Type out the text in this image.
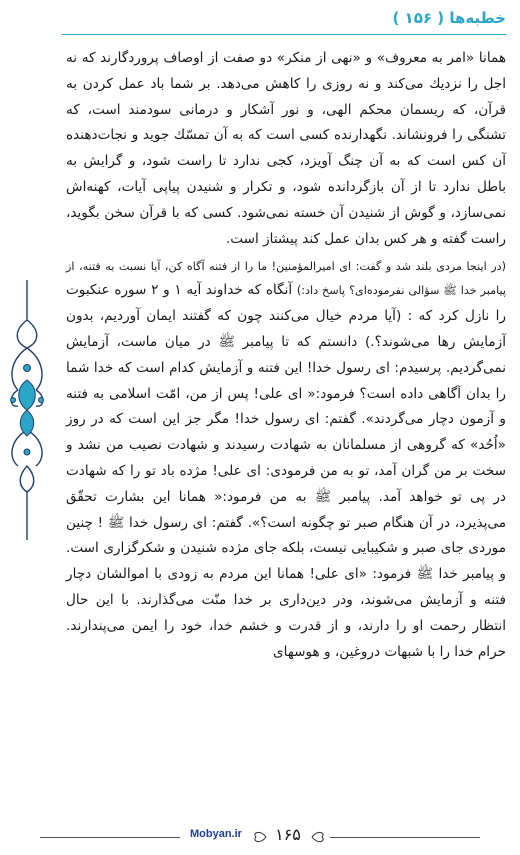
خطبه‌ها ( ۱۵۶ )

همانا «امر به معروف» و «نهى از منكر» دو صفت از اوصاف پروردگارند كه نه اجل را نزديك مى‌كند و نه روزى را كاهش مى‌دهد. بر شما باد عمل كردن به قرآن، كه ريسمان محكم الهى، و نور آشكار و درمانى سودمند است، كه تشنگى را فرونشاند. نگهدارنده كسى است كه به آن تمسّك جويد و نجات‌دهنده آن كس است كه به آن چنگ آويزد، كجى ندارد تا راست شود، و گرايش به باطل ندارد تا از آن بازگردانده شود، و تكرار و شنيدن پياپى آيات، كهنه‌اش نمى‌سازد، و گوش از شنيدن آن خسته نمى‌شود. كسى كه با قرآن سخن بگويد، راست گفته و هر كس بدان عمل كند پيشتاز است.

(در اينجا مردى بلند شد و گفت: اى اميرالمؤمنين! ما را از فتنه آگاه كن، آيا نسبت به فتنه، از پيامبر خدا ﷺ سؤالى نفرموده‌اى؟ پاسخ داد:) آنگاه كه خداوند آيه ۱ و ۲ سوره عنكبوت را نازل كرد كه : (آيا مردم خيال مى‌كنند چون كه گفتند ايمان آورديم، بدون آزمايش رها مى‌شوند؟.) دانستم كه تا پيامبر ﷺ در ميان ماست، آزمايش نمى‌گرديم. پرسيدم: اى رسول خدا! اين فتنه و آزمايش كدام است كه خدا شما را بدان آگاهى داده است؟ فرمود:« اى على! پس از من، امّت اسلامى به فتنه و آزمون دچار مى‌گردند». گفتم: اى رسول خدا! مگر جز اين است كه در روز «اُحُد» كه گروهى از مسلمانان به شهادت رسيدند و شهادت نصيب من نشد و سخت بر من گران آمد، تو به من فرمودى: اى على! مژده باد تو را كه شهادت در پى تو خواهد آمد. پيامبر ﷺ به من فرمود:« همانا اين بشارت تحقّق مى‌پذيرد، در آن هنگام صبر تو چگونه است؟». گفتم: اى رسول خدا ﷺ ! چنين موردى جاى صبر و شكيبايى نيست، بلكه جاى مژده شنيدن و شكرگزارى است. و پيامبر خدا ﷺ فرمود: «اى على! همانا اين مردم به زودى با اموالشان دچار فتنه و آزمايش مى‌شوند، ودر دين‌دارى بر خدا منّت مى‌گذارند. با اين حال انتظار رحمت او را دارند، و از قدرت و خشم خدا، خود را ايمن مى‌پندارند. حرام خدا را با شبهات دروغين، و هوسهاى

Mobyan.ir	۱۶۵
